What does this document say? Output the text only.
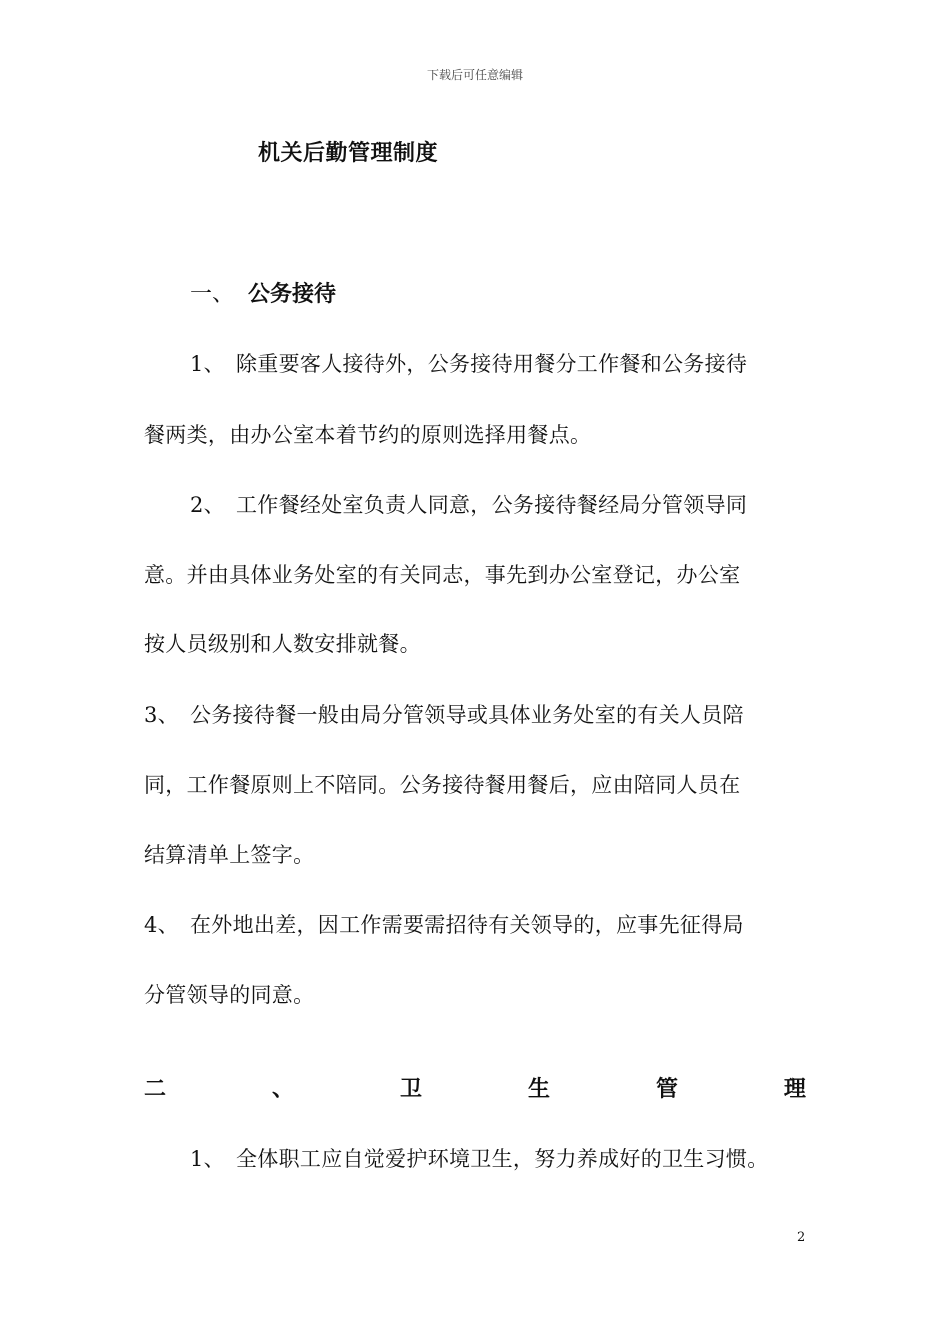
下载后可任意编辑
机关后勤管理制度
一、 公务接待
1、 除重要客人接待外，公务接待用餐分工作餐和公务接待
餐两类，由办公室本着节约的原则选择用餐点。
2、 工作餐经处室负责人同意，公务接待餐经局分管领导同
意。并由具体业务处室的有关同志，事先到办公室登记，办公室
按人员级别和人数安排就餐。
3、 公务接待餐一般由局分管领导或具体业务处室的有关人员陪
同，工作餐原则上不陪同。公务接待餐用餐后，应由陪同人员在
结算清单上签字。
4、 在外地出差，因工作需要需招待有关领导的，应事先征得局
分管领导的同意。
二	、	卫	生	管	理
1、 全体职工应自觉爱护环境卫生，努力养成好的卫生习惯。
2
